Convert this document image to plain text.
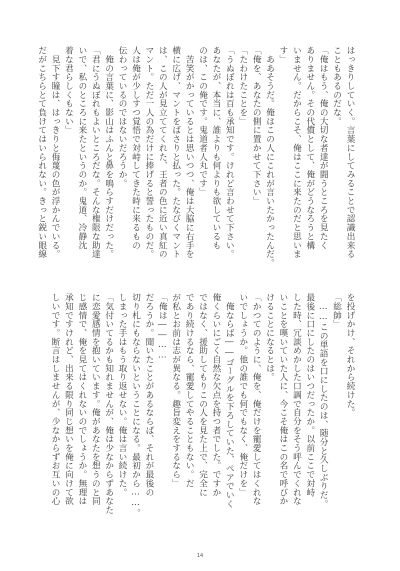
はっきりしていく。言葉にしてみることで認識出来る
こともあるのだな。
「俺はもう、俺の大切な者達が闘うところを見たく
ありません。その代償として、俺がどうなろうと構
いません。だからこそ、俺はここに来たのだと思いま
す」
　ああそうだ。俺はこの人にこれが言いたかったんだ。
「俺を、あなたの側に置かせて下さい」
「たわけたことを」
「うぬぼれは百も承知です。けれど言わせて下さい。
あなたが、本当に、誰よりも何よりも欲しているも
のは、この俺です。鬼道者人丸です」
　苦笑がかっているとは思いつつ、俺は大脇に右手を
横に広げ、マントをばさりと払った。たなびくマント
は、この人が見立ててくれた、王者の色に近い真紅の
マント。ただ一人の為だけに捧げると誓ったものだ。
人は俺が少しすつ覚悟で対峙してきた時に来るもの
伝わっているのではないだろうか。
　俺の言葉に、影山はふんと鼻を鳴らすだけだった。
「君にうぬぼれもよいところだな。そんな権限な助達
いで、私のところに来たというのか。鬼道、冷静沈
着な君らしくもない」
　見下す瞳は、はっきりと侮蔑の色が浮かんでいる。
だがこちらとて負けてはいられない。きっと鋭い眼線
を投げかけ、それから続けた。
「総帥」
　……この単語を口にしたのは、随分と久しぶりだ。
最後に口にしたのはいつだったか。以前ここで対峙
した時、冗談めかした口調で自分をそう呼んでくれな
いことを嘆いていた人に、今こそ俺はこの名で呼びか
けることになるとは。
「かつてのように、俺を、俺だけを寵愛してはくれな
いでしょうか。他の誰でも何でもなく、俺だけを」
　俺ならば――ゴーグルを下ろしていた、ペアでいく
俺くらいにごく自然な欠点を持つ者でした。ですか
ではなく、援助してもりこの人を見た上で、完全に
であり続けるなら、寵愛してやることもない。だ
が私とお前は志が異なる。趣旨変えをするなら」
「俺は――……
だろうか。聞いたことがあるならば、それが最後の
切り札にもならないということになる。最初から……。
しまった手はもう取り返せない。俺は言い続けた。
「気付いてるかも知れませんが、俺は少なからずあなた
に恋愛感情を抱いています。俺があなたを想うのと同
じ感情で、俺を見てはくれないのでしょうか。無理は
承知ですけれど、出来る限り同じ想いを俺に向けて欲
しいです。断言はしませんが、少なからずお互いの心
14
